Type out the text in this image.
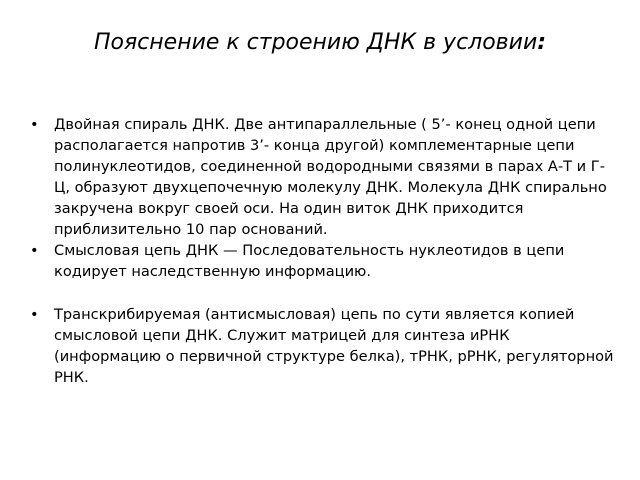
Пояснение к строению ДНК в условии:
•	Двойная спираль ДНК. Две антипараллельные ( 5’- конец одной цепи располагается напротив 3’- конца другой) комплементарные цепи полинуклеотидов, соединенной водородными связями в парах А-Т и Г-Ц, образуют двухцепочечную молекулу ДНК. Молекула ДНК спирально закручена вокруг своей оси. На один виток ДНК приходится приблизительно 10 пар оснований.
•	Смысловая цепь ДНК — Последовательность нуклеотидов в цепи кодирует наследственную информацию.
•	Транскрибируемая (антисмысловая) цепь по сути является копией смысловой цепи ДНК. Служит матрицей для синтеза иРНК (информацию о первичной структуре белка), тРНК, рРНК, регуляторной РНК.
